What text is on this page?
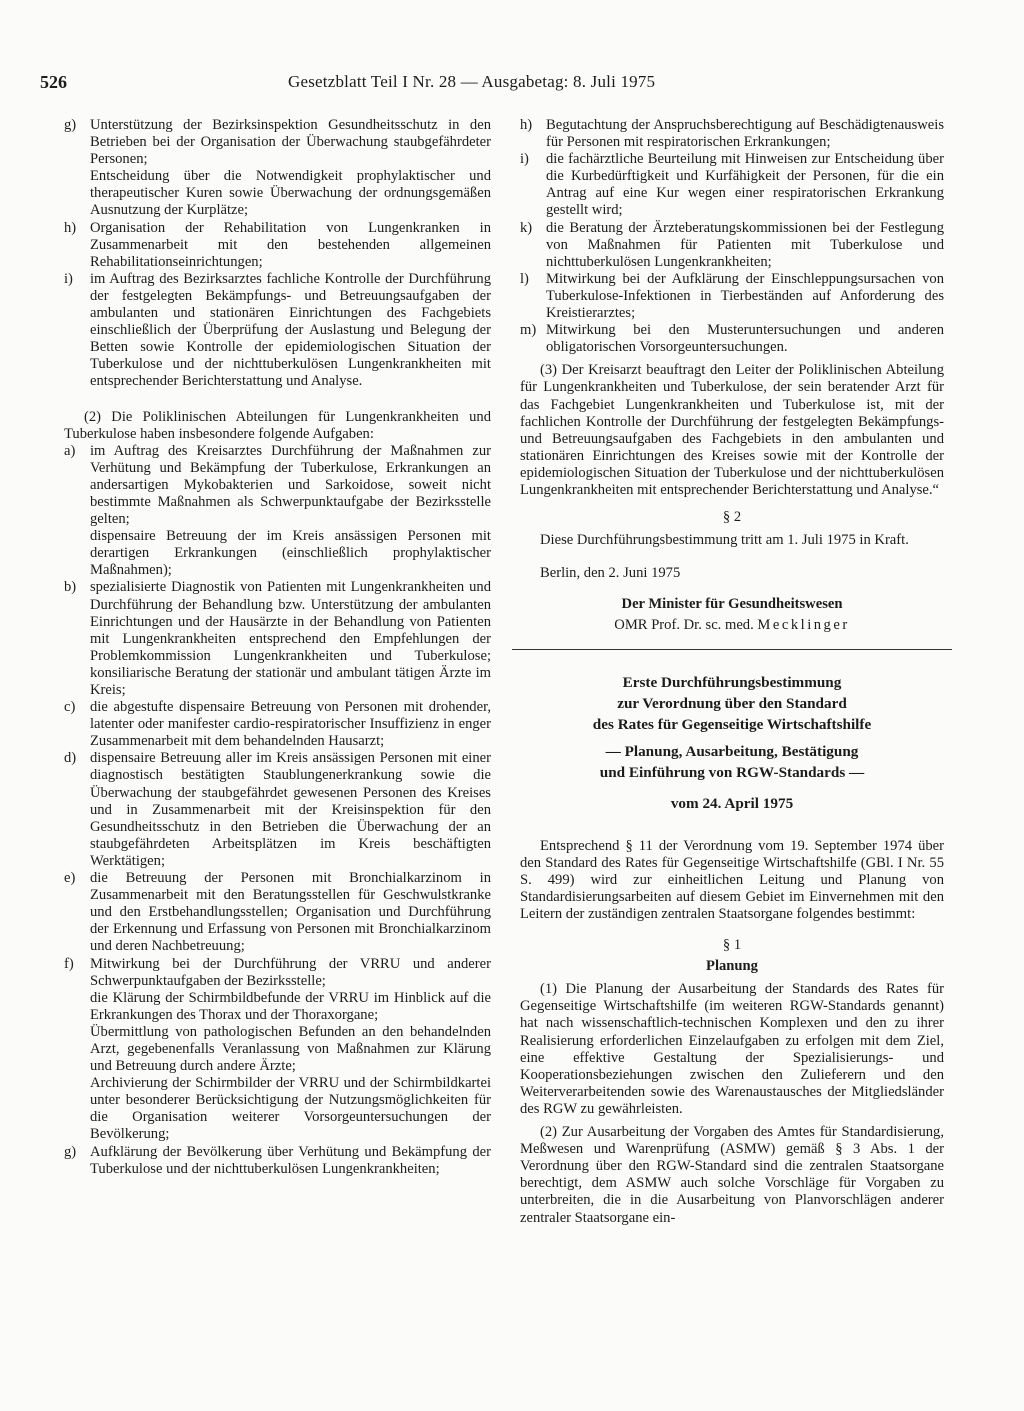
526	Gesetzblatt Teil I Nr. 28 — Ausgabetag: 8. Juli 1975
g) Unterstützung der Bezirksinspektion Gesundheitsschutz in den Betrieben bei der Organisation der Überwachung staubgefährdeter Personen;

Entscheidung über die Notwendigkeit prophylaktischer und therapeutischer Kuren sowie Überwachung der ordnungsgemäßen Ausnutzung der Kurplätze;

h) Organisation der Rehabilitation von Lungenkranken in Zusammenarbeit mit den bestehenden allgemeinen Rehabilitationseinrichtungen;

i) im Auftrag des Bezirksarztes fachliche Kontrolle der Durchführung der festgelegten Bekämpfungs- und Betreuungsaufgaben der ambulanten und stationären Einrichtungen des Fachgebiets einschließlich der Überprüfung der Auslastung und Belegung der Betten sowie Kontrolle der epidemiologischen Situation der Tuberkulose und der nichttuberkulösen Lungenkrankheiten mit entsprechender Berichterstattung und Analyse.

(2) Die Poliklinischen Abteilungen für Lungenkrankheiten und Tuberkulose haben insbesondere folgende Aufgaben:

a) im Auftrag des Kreisarztes Durchführung der Maßnahmen zur Verhütung und Bekämpfung der Tuberkulose, Erkrankungen an andersartigen Mykobakterien und Sarkoidose, soweit nicht bestimmte Maßnahmen als Schwerpunktaufgabe der Bezirksstelle gelten;

dispensaire Betreuung der im Kreis ansässigen Personen mit derartigen Erkrankungen (einschließlich prophylaktischer Maßnahmen);

b) spezialisierte Diagnostik von Patienten mit Lungenkrankheiten und Durchführung der Behandlung bzw. Unterstützung der ambulanten Einrichtungen und der Hausärzte in der Behandlung von Patienten mit Lungenkrankheiten entsprechend den Empfehlungen der Problemkommission Lungenkrankheiten und Tuberkulose; konsiliarische Beratung der stationär und ambulant tätigen Ärzte im Kreis;

c) die abgestufte dispensaire Betreuung von Personen mit drohender, latenter oder manifester cardio-respiratorischer Insuffizienz in enger Zusammenarbeit mit dem behandelnden Hausarzt;

d) dispensaire Betreuung aller im Kreis ansässigen Personen mit einer diagnostisch bestätigten Staublungenerkrankung sowie die Überwachung der staubgefährdet gewesenen Personen des Kreises und in Zusammenarbeit mit der Kreisinspektion für den Gesundheitsschutz in den Betrieben die Überwachung der an staubgefährdeten Arbeitsplätzen im Kreis beschäftigten Werktätigen;

e) die Betreuung der Personen mit Bronchialkarzinom in Zusammenarbeit mit den Beratungsstellen für Geschwulstkranke und den Erstbehandlungsstellen; Organisation und Durchführung der Erkennung und Erfassung von Personen mit Bronchialkarzinom und deren Nachbetreuung;

f) Mitwirkung bei der Durchführung der VRRU und anderer Schwerpunktaufgaben der Bezirksstelle;

die Klärung der Schirmbildbefunde der VRRU im Hinblick auf die Erkrankungen des Thorax und der Thoraxorgane;

Übermittlung von pathologischen Befunden an den behandelnden Arzt, gegebenenfalls Veranlassung von Maßnahmen zur Klärung und Betreuung durch andere Ärzte;

Archivierung der Schirmbilder der VRRU und der Schirmbildkartei unter besonderer Berücksichtigung der Nutzungsmöglichkeiten für die Organisation weiterer Vorsorgeuntersuchungen der Bevölkerung;

g) Aufklärung der Bevölkerung über Verhütung und Bekämpfung der Tuberkulose und der nichttuberkulösen Lungenkrankheiten;

h) Begutachtung der Anspruchsberechtigung auf Beschädigtenausweis für Personen mit respiratorischen Erkrankungen;

i) die fachärztliche Beurteilung mit Hinweisen zur Entscheidung über die Kurbedürftigkeit und Kurfähigkeit der Personen, für die ein Antrag auf eine Kur wegen einer respiratorischen Erkrankung gestellt wird;

k) die Beratung der Ärzteberatungskommissionen bei der Festlegung von Maßnahmen für Patienten mit Tuberkulose und nichttuberkulösen Lungenkrankheiten;

l) Mitwirkung bei der Aufklärung der Einschleppungsursachen von Tuberkulose-Infektionen in Tierbeständen auf Anforderung des Kreistierarztes;

m) Mitwirkung bei den Musteruntersuchungen und anderen obligatorischen Vorsorgeuntersuchungen.

(3) Der Kreisarzt beauftragt den Leiter der Poliklinischen Abteilung für Lungenkrankheiten und Tuberkulose, der sein beratender Arzt für das Fachgebiet Lungenkrankheiten und Tuberkulose ist, mit der fachlichen Kontrolle der Durchführung der festgelegten Bekämpfungs- und Betreuungsaufgaben des Fachgebiets in den ambulanten und stationären Einrichtungen des Kreises sowie mit der Kontrolle der epidemiologischen Situation der Tuberkulose und der nichttuberkulösen Lungenkrankheiten mit entsprechender Berichterstattung und Analyse.“

§ 2

Diese Durchführungsbestimmung tritt am 1. Juli 1975 in Kraft.

Berlin, den 2. Juni 1975

Der Minister für Gesundheitswesen

OMR Prof. Dr. sc. med. Mecklinger

Erste Durchführungsbestimmung
zur Verordnung über den Standard
des Rates für Gegenseitige Wirtschaftshilfe
— Planung, Ausarbeitung, Bestätigung
und Einführung von RGW-Standards —

vom 24. April 1975

Entsprechend § 11 der Verordnung vom 19. September 1974 über den Standard des Rates für Gegenseitige Wirtschaftshilfe (GBl. I Nr. 55 S. 499) wird zur einheitlichen Leitung und Planung von Standardisierungsarbeiten auf diesem Gebiet im Einvernehmen mit den Leitern der zuständigen zentralen Staatsorgane folgendes bestimmt:

§ 1

Planung

(1) Die Planung der Ausarbeitung der Standards des Rates für Gegenseitige Wirtschaftshilfe (im weiteren RGW-Standards genannt) hat nach wissenschaftlich-technischen Komplexen und den zu ihrer Realisierung erforderlichen Einzelaufgaben zu erfolgen mit dem Ziel, eine effektive Gestaltung der Spezialisierungs- und Kooperationsbeziehungen zwischen den Zulieferern und den Weiterverarbeitenden sowie des Warenaustausches der Mitgliedsländer des RGW zu gewährleisten.

(2) Zur Ausarbeitung der Vorgaben des Amtes für Standardisierung, Meßwesen und Warenprüfung (ASMW) gemäß § 3 Abs. 1 der Verordnung über den RGW-Standard sind die zentralen Staatsorgane berechtigt, dem ASMW auch solche Vorschläge für Vorgaben zu unterbreiten, die in die Ausarbeitung von Planvorschlägen anderer zentraler Staatsorgane ein-
